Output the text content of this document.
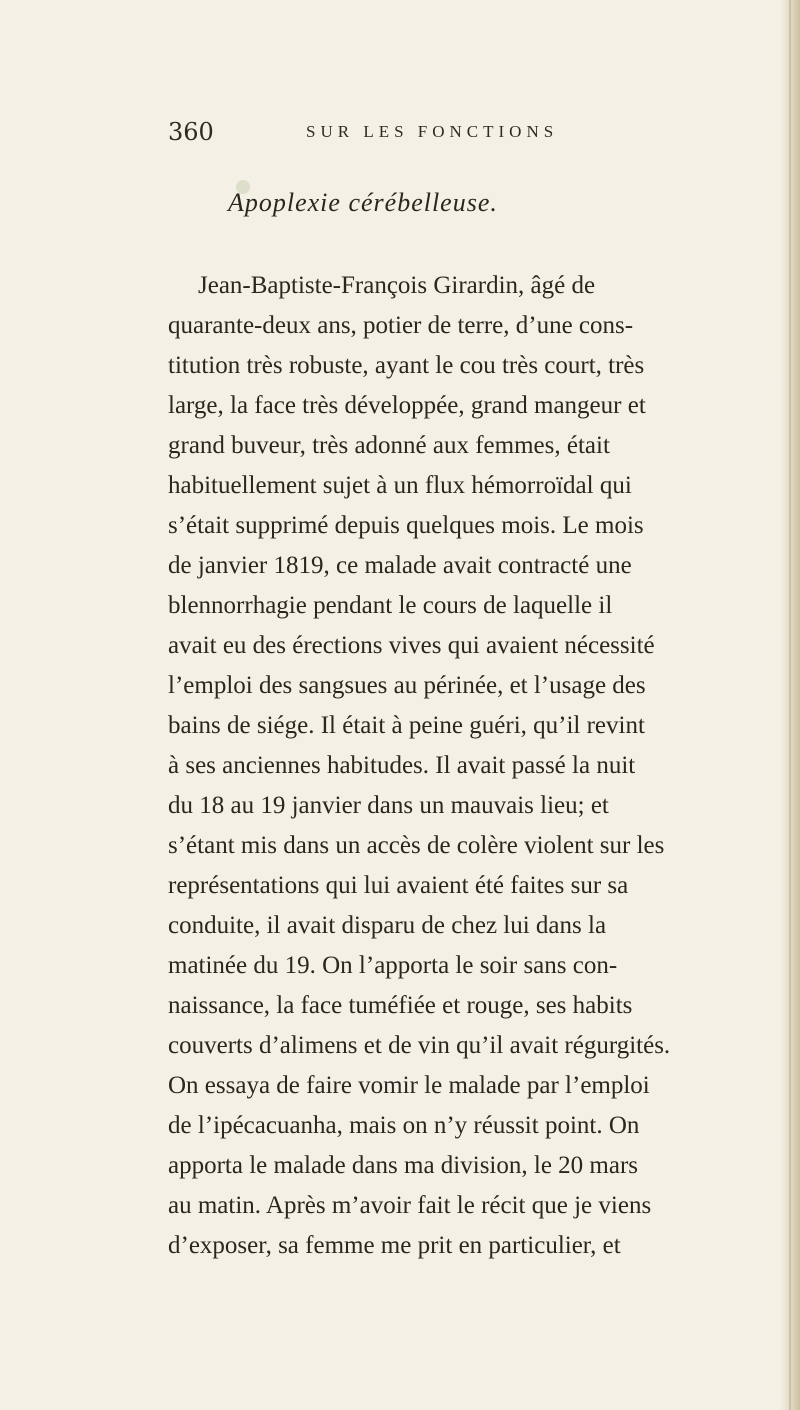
360	SUR LES FONCTIONS
Apoplexie cérébelleuse.
Jean-Baptiste-François Girardin, âgé de
quarante-deux ans, potier de terre, d’une cons-
titution très robuste, ayant le cou très court, très
large, la face très développée, grand mangeur et
grand buveur, très adonné aux femmes, était
habituellement sujet à un flux hémorroïdal qui
s’était supprimé depuis quelques mois. Le mois
de janvier 1819, ce malade avait contracté une
blennorrhagie pendant le cours de laquelle il
avait eu des érections vives qui avaient nécessité
l’emploi des sangsues au périnée, et l’usage des
bains de siége. Il était à peine guéri, qu’il revint
à ses anciennes habitudes. Il avait passé la nuit
du 18 au 19 janvier dans un mauvais lieu; et
s’étant mis dans un accès de colère violent sur les
représentations qui lui avaient été faites sur sa
conduite, il avait disparu de chez lui dans la
matinée du 19. On l’apporta le soir sans con-
naissance, la face tuméfiée et rouge, ses habits
couverts d’alimens et de vin qu’il avait régurgités.
On essaya de faire vomir le malade par l’emploi
de l’ipécacuanha, mais on n’y réussit point. On
apporta le malade dans ma division, le 20 mars
au matin. Après m’avoir fait le récit que je viens
d’exposer, sa femme me prit en particulier, et
